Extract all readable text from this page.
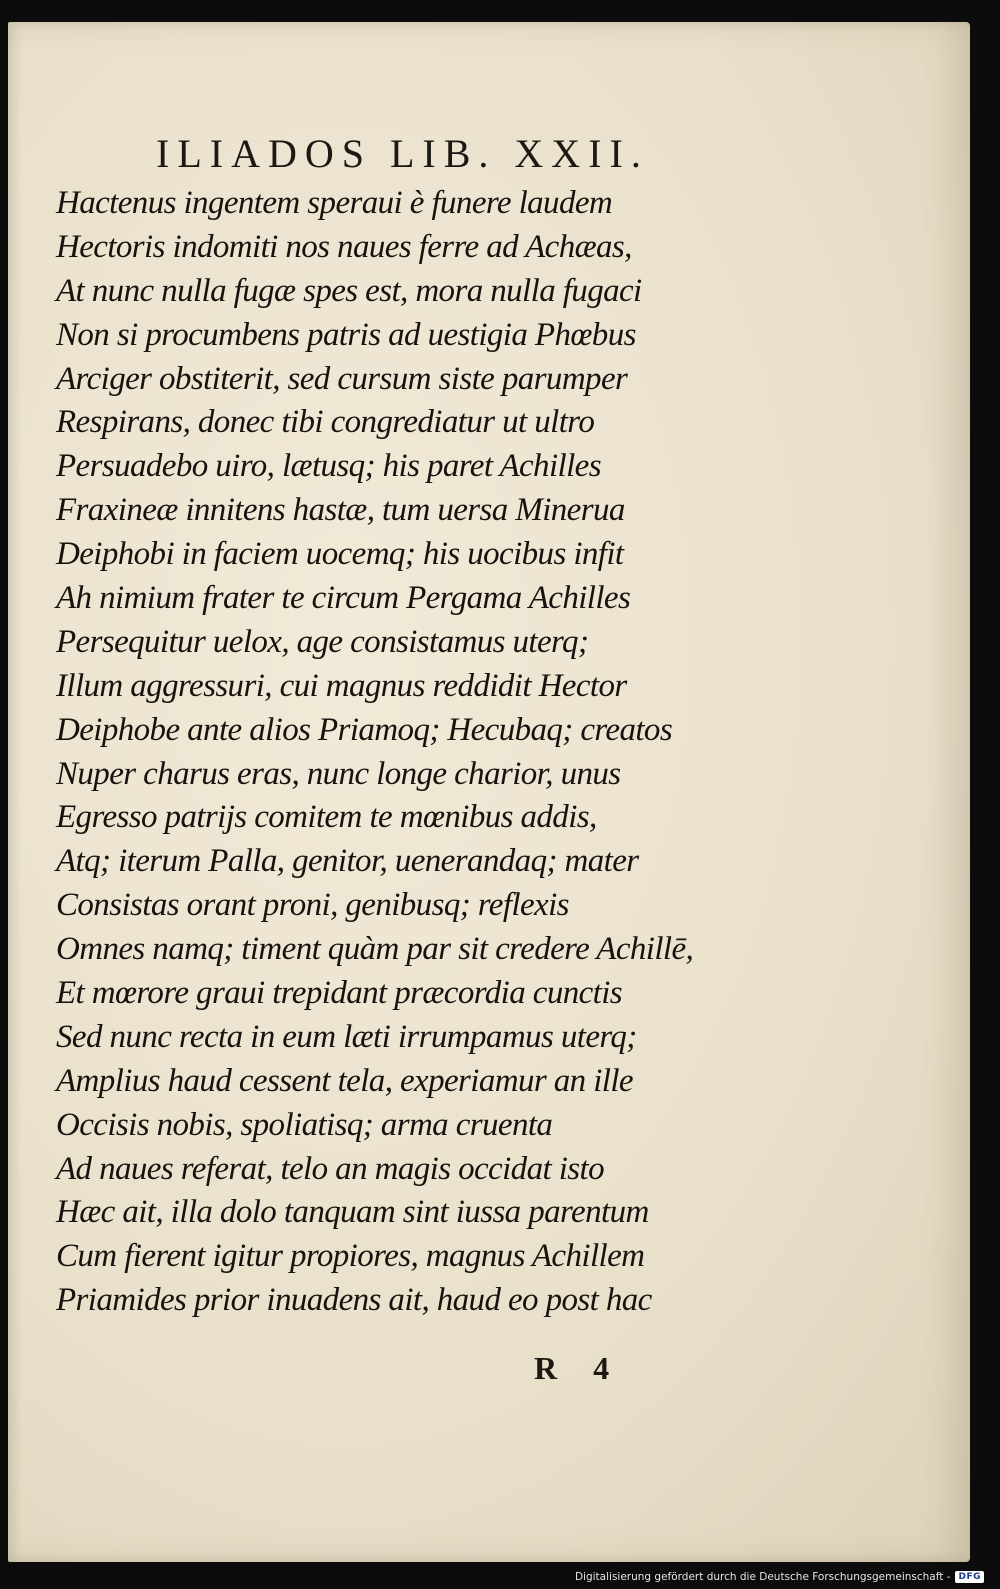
ILIADOS LIB. XXII.
Hactenus ingentem speraui è funere laudem
Hectoris indomiti nos naues ferre ad Achæas,
At nunc nulla fugæ spes est, mora nulla fugaci
Non si procumbens patris ad uestigia Phœbus
Arciger obstiterit, sed cursum siste parumper
Respirans, donec tibi congrediatur ut ultro
Persuadebo uiro, lætusq; his paret Achilles
Fraxineæ innitens hastæ, tum uersa Minerua
Deiphobi in faciem uocemq; his uocibus infit
Ah nimium frater te circum Pergama Achilles
Persequitur uelox, age consistamus uterq;
Illum aggressuri, cui magnus reddidit Hector
Deiphobe ante alios Priamoq; Hecubaq; creatos
Nuper charus eras, nunc longe charior, unus
Egresso patrijs comitem te mœnibus addis,
Atq; iterum Palla, genitor, uenerandaq; mater
Consistas orant proni, genibusq; reflexis
Omnes namq; timent quàm par sit credere Achillē,
Et mœrore graui trepidant præcordia cunctis
Sed nunc recta in eum læti irrumpamus uterq;
Amplius haud cessent tela, experiamur an ille
Occisis nobis, spoliatisq; arma cruenta
Ad naues referat, telo an magis occidat isto
Hæc ait, illa dolo tanquam sint iussa parentum
Cum fierent igitur propiores, magnus Achillem
Priamides prior inuadens ait, haud eo post hac
R 4
Digitalisierung gefördert durch die Deutsche Forschungsgemeinschaft - DFG
